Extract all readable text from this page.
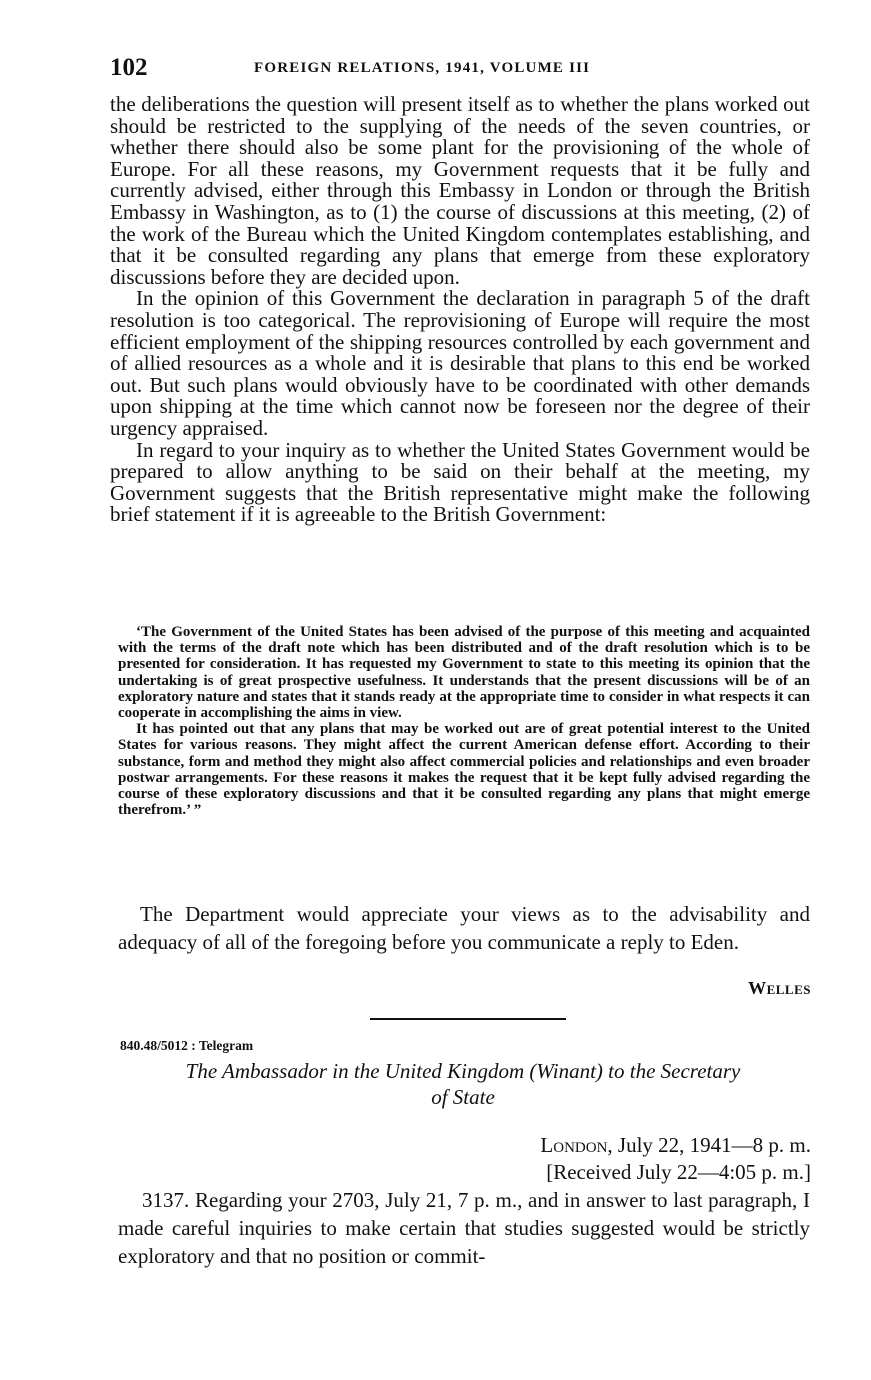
102	FOREIGN RELATIONS, 1941, VOLUME III

the deliberations the question will present itself as to whether the plans worked out should be restricted to the supplying of the needs of the seven countries, or whether there should also be some plant for the provisioning of the whole of Europe. For all these reasons, my Government requests that it be fully and currently advised, either through this Embassy in London or through the British Embassy in Washington, as to (1) the course of discussions at this meeting, (2) of the work of the Bureau which the United Kingdom contemplates establishing, and that it be consulted regarding any plans that emerge from these exploratory discussions before they are decided upon.

In the opinion of this Government the declaration in paragraph 5 of the draft resolution is too categorical. The reprovisioning of Europe will require the most efficient employment of the shipping resources controlled by each government and of allied resources as a whole and it is desirable that plans to this end be worked out. But such plans would obviously have to be coordinated with other demands upon shipping at the time which cannot now be foreseen nor the degree of their urgency appraised.

In regard to your inquiry as to whether the United States Government would be prepared to allow anything to be said on their behalf at the meeting, my Government suggests that the British representative might make the following brief statement if it is agreeable to the British Government:

‘The Government of the United States has been advised of the purpose of this meeting and acquainted with the terms of the draft note which has been distributed and of the draft resolution which is to be presented for consideration. It has requested my Government to state to this meeting its opinion that the undertaking is of great prospective usefulness. It understands that the present discussions will be of an exploratory nature and states that it stands ready at the appropriate time to consider in what respects it can cooperate in accomplishing the aims in view.

It has pointed out that any plans that may be worked out are of great potential interest to the United States for various reasons. They might affect the current American defense effort. According to their substance, form and method they might also affect commercial policies and relationships and even broader postwar arrangements. For these reasons it makes the request that it be kept fully advised regarding the course of these exploratory discussions and that it be consulted regarding any plans that might emerge therefrom.’ ”

The Department would appreciate your views as to the advisability and adequacy of all of the foregoing before you communicate a reply to Eden.

Welles
840.48/5012 : Telegram
The Ambassador in the United Kingdom (Winant) to the Secretary
of State
London, July 22, 1941—8 p. m.
[Received July 22—4:05 p. m.]

3137. Regarding your 2703, July 21, 7 p. m., and in answer to last paragraph, I made careful inquiries to make certain that studies suggested would be strictly exploratory and that no position or commit-
